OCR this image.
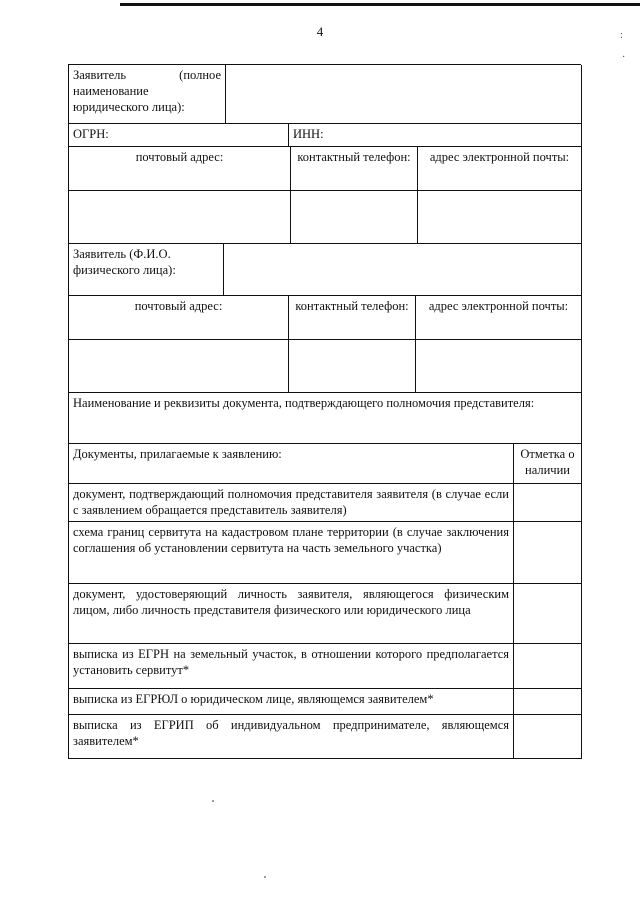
4	:
·
Заявитель (полное наименование юридического лица):
ОГРН:	ИНН:
почтовый адрес:	контактный телефон:	адрес электронной почты:
Заявитель (Ф.И.О. физического лица):
почтовый адрес:	контактный телефон:	адрес электронной почты:
Наименование и реквизиты документа, подтверждающего полномочия представителя:
Документы, прилагаемые к заявлению:	Отметка о наличии
документ, подтверждающий полномочия представителя заявителя (в случае если с заявлением обращается представитель заявителя)
схема границ сервитута на кадастровом плане территории (в случае заключения соглашения об установлении сервитута на часть земельного участка)
документ, удостоверяющий личность заявителя, являющегося физическим лицом, либо личность представителя физического или юридического лица
выписка из ЕГРН на земельный участок, в отношении которого предполагается установить сервитут*
выписка из ЕГРЮЛ о юридическом лице, являющемся заявителем*
выписка из ЕГРИП об индивидуальном предпринимателе, являющемся заявителем*
